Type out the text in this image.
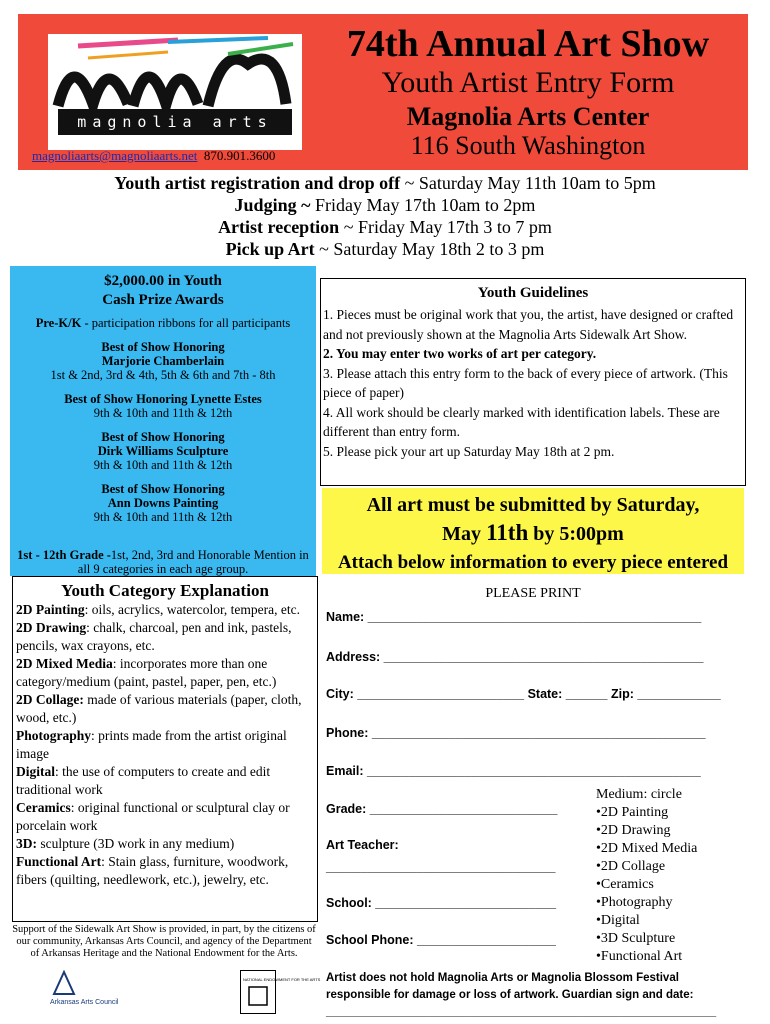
magnolia arts
74th Annual Art Show
Youth Artist Entry Form
Magnolia Arts Center
116 South Washington
magnoliaarts@magnoliaarts.net 870.901.3600
Youth artist registration and drop off ~ Saturday May 11th 10am to 5pm
Judging ~ Friday May 17th 10am to 2pm
Artist reception ~ Friday May 17th 3 to 7 pm
Pick up Art ~ Saturday May 18th 2 to 3 pm
$2,000.00 in Youth
Cash Prize Awards
Pre-K/K - participation ribbons for all participants
Best of Show Honoring
Marjorie Chamberlain
1st & 2nd, 3rd & 4th, 5th & 6th and 7th - 8th
Best of Show Honoring Lynette Estes
9th & 10th and 11th & 12th
Best of Show Honoring
Dirk Williams Sculpture
9th & 10th and 11th & 12th
Best of Show Honoring
Ann Downs Painting
9th & 10th and 11th & 12th
1st - 12th Grade -1st, 2nd, 3rd and Honorable Mention in all 9 categories in each age group.
Youth Guidelines
1. Pieces must be original work that you, the artist, have designed or crafted and not previously shown at the Magnolia Arts Sidewalk Art Show.
2. You may enter two works of art per category.
3. Please attach this entry form to the back of every piece of artwork. (This piece of paper)
4. All work should be clearly marked with identification labels. These are different than entry form.
5. Please pick your art up Saturday May 18th at 2 pm.
All art must be submitted by Saturday,
May 11th by 5:00pm
Attach below information to every piece entered
Youth Category Explanation
2D Painting: oils, acrylics, watercolor, tempera, etc.
2D Drawing: chalk, charcoal, pen and ink, pastels, pencils, wax crayons, etc.
2D Mixed Media: incorporates more than one category/medium (paint, pastel, paper, pen, etc.)
2D Collage: made of various materials (paper, cloth, wood, etc.)
Photography: prints made from the artist original image
Digital: the use of computers to create and edit traditional work
Ceramics: original functional or sculptural clay or porcelain work
3D: sculpture (3D work in any medium)
Functional Art: Stain glass, furniture, woodwork, fibers (quilting, needlework, etc.), jewelry, etc.
Support of the Sidewalk Art Show is provided, in part, by the citizens of our community, Arkansas Arts Council, and agency of the Department of Arkansas Heritage and the National Endowment for the Arts.
Arkansas Arts Council
NATIONAL ENDOWMENT FOR THE ARTS
PLEASE PRINT
Name: ________________________________________________
Address: ______________________________________________
City: ________________________ State: ______ Zip: ____________
Phone: ________________________________________________
Email: ________________________________________________
Grade: ___________________________
Art Teacher:
_________________________________
School: __________________________
School Phone: ____________________
Medium: circle
•2D Painting
•2D Drawing
•2D Mixed Media
•2D Collage
•Ceramics
•Photography
•Digital
•3D Sculpture
•Functional Art
Artist does not hold Magnolia Arts or Magnolia Blossom Festival responsible for damage or loss of artwork. Guardian sign and date:
_____________________________________________________________
